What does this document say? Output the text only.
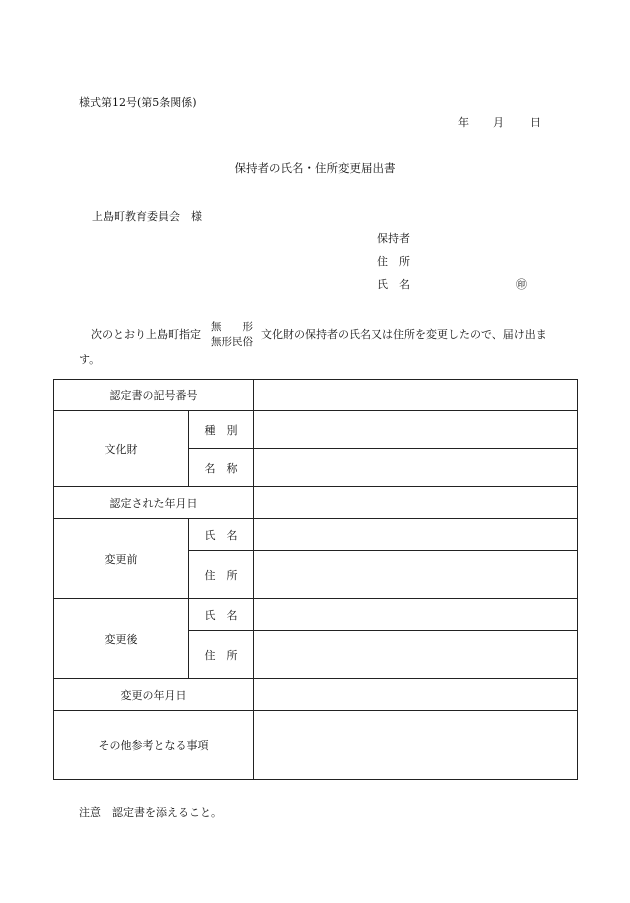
様式第12号(第5条関係)
年 月 日
保持者の氏名・住所変更届出書
上島町教育委員会　様
保持者
住　所
氏　名	㊞
次のとおり上島町指定無　　形
無形民俗文化財の保持者の氏名又は住所を変更したので、届け出ます。
認定書の記号番号		
文化財	種　別	
	名　称	
認定された年月日		
変更前	氏　名	
	住　所	
変更後	氏　名	
	住　所	
変更の年月日		
その他参考となる事項		
注意　認定書を添えること。
